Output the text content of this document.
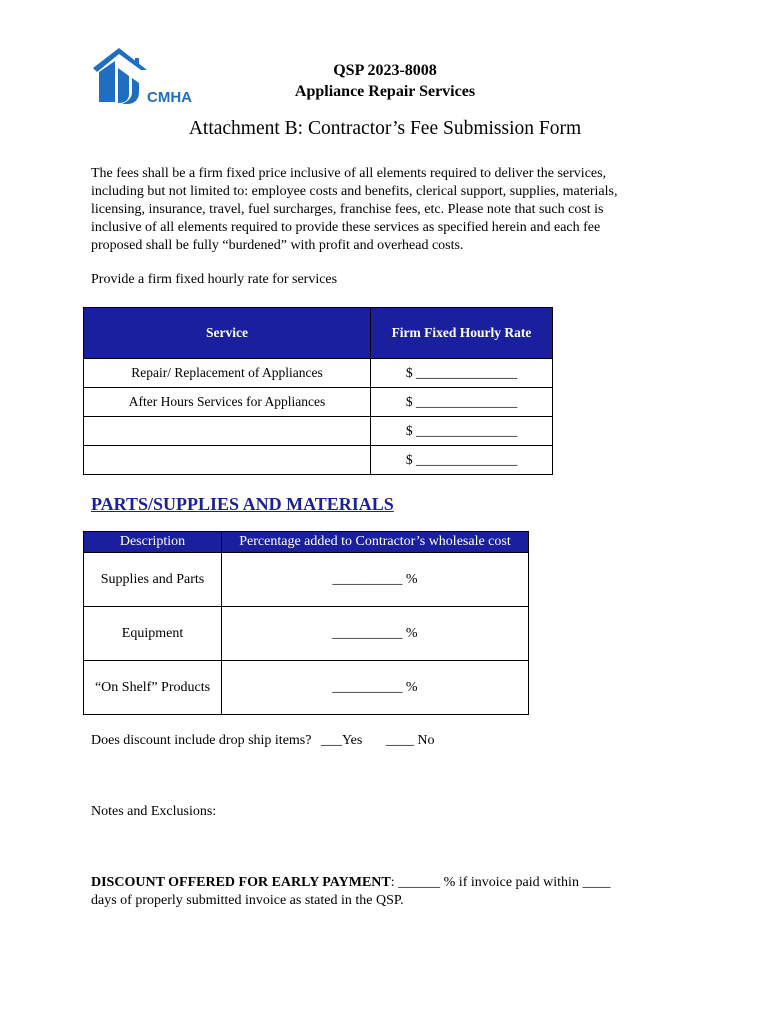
CMHA
QSP 2023-8008
Appliance Repair Services
Attachment B: Contractor’s Fee Submission Form
The fees shall be a firm fixed price inclusive of all elements required to deliver the services,
including but not limited to: employee costs and benefits, clerical support, supplies, materials,
licensing, insurance, travel, fuel surcharges, franchise fees, etc. Please note that such cost is
inclusive of all elements required to provide these services as specified herein and each fee
proposed shall be fully “burdened” with profit and overhead costs.
Provide a firm fixed hourly rate for services
Service	Firm Fixed Hourly Rate
Repair/ Replacement of Appliances	$ _______________
After Hours Services for Appliances	$ _______________
	$ _______________
	$ _______________
PARTS/SUPPLIES AND MATERIALS
Description	Percentage added to Contractor’s wholesale cost
Supplies and Parts	__________ %
Equipment	__________ %
“On Shelf” Products	__________ %
Does discount include drop ship items? ___Yes ____ No
Notes and Exclusions:
DISCOUNT OFFERED FOR EARLY PAYMENT: ______ % if invoice paid within ____
days of properly submitted invoice as stated in the QSP.
